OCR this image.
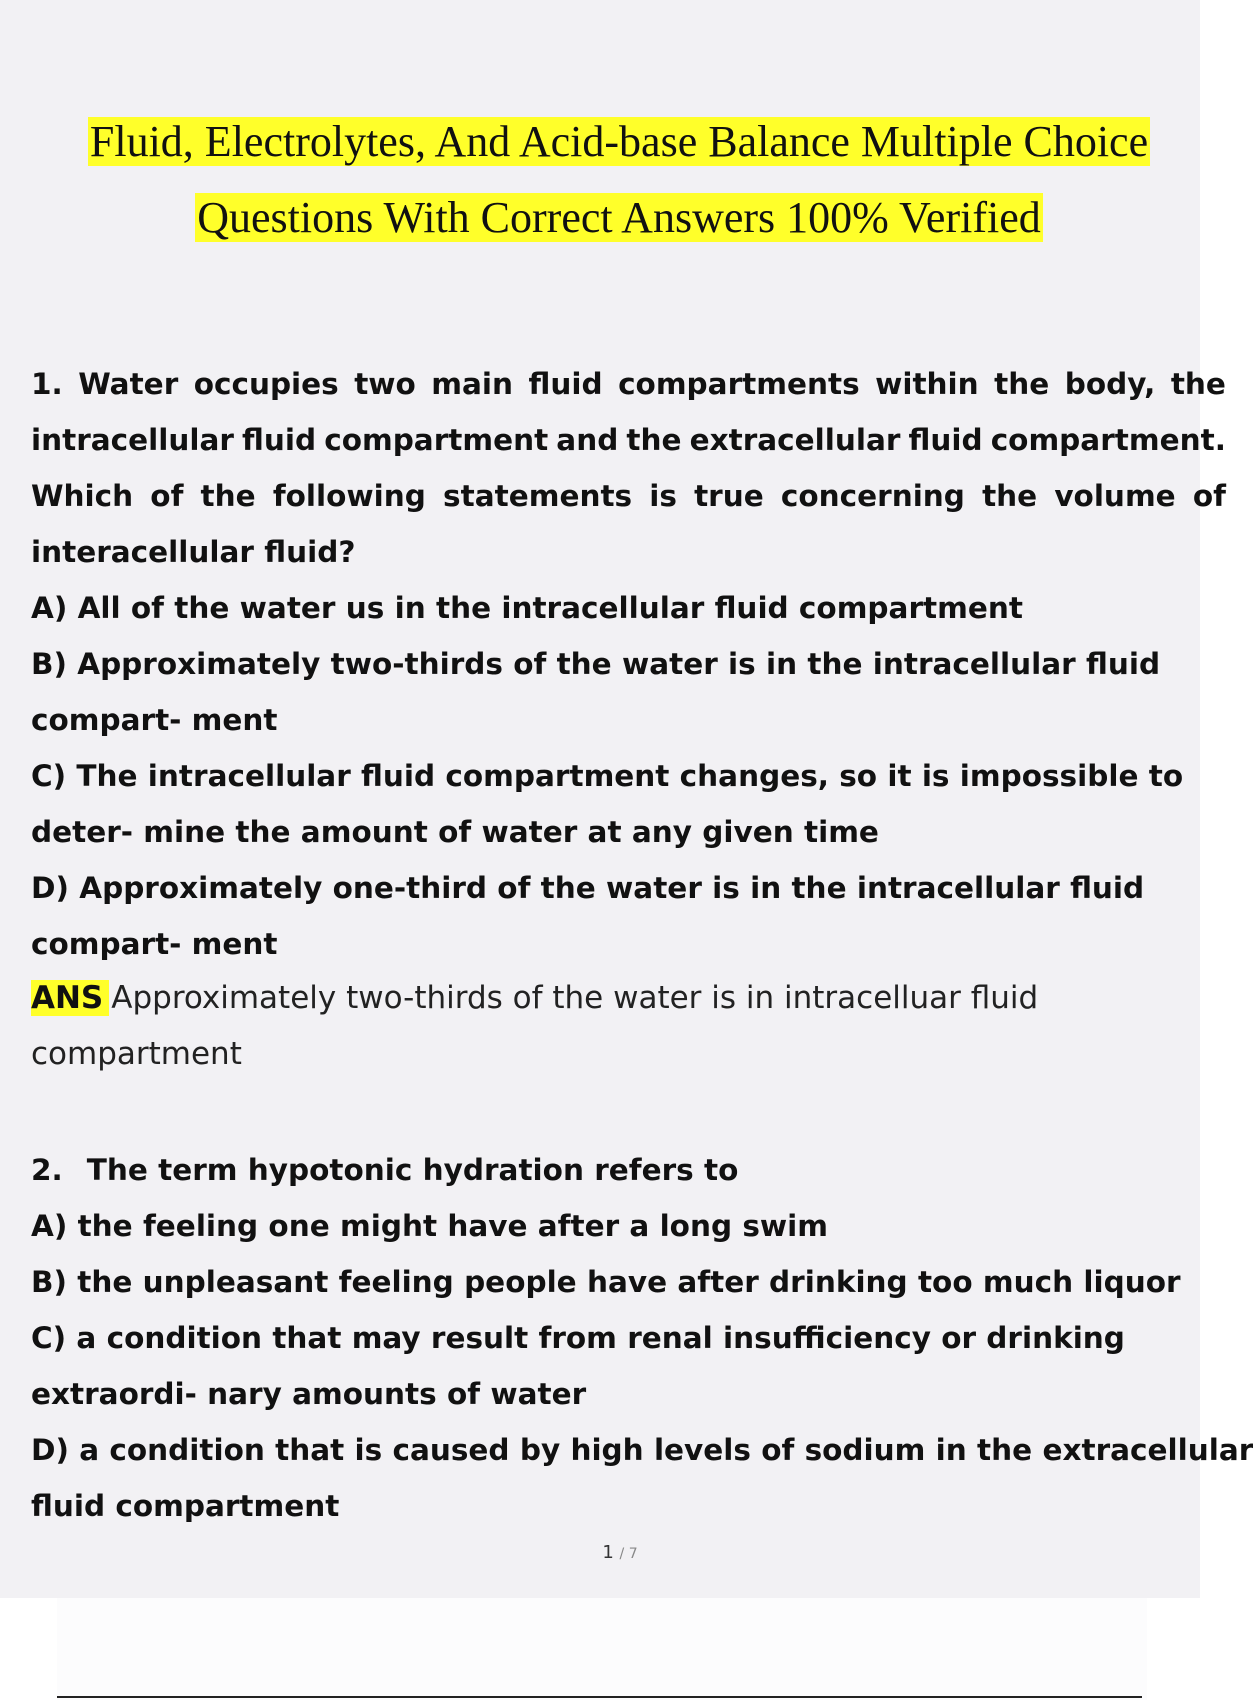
Fluid, Electrolytes, And Acid-base Balance Multiple Choice
Questions With Correct Answers 100% Verified
1. Water occupies two main fluid compartments within the body, the
intracellular fluid compartment and the extracellular fluid compartment.
Which of the following statements is true concerning the volume of
interacellular fluid?
A) All of the water us in the intracellular fluid compartment
B) Approximately two-thirds of the water is in the intracellular fluid
compart- ment
C) The intracellular fluid compartment changes, so it is impossible to
deter- mine the amount of water at any given time
D) Approximately one-third of the water is in the intracellular fluid
compart- ment
ANS Approximately two-thirds of the water is in intracelluar fluid
compartment
2. The term hypotonic hydration refers to
A) the feeling one might have after a long swim
B) the unpleasant feeling people have after drinking too much liquor
C) a condition that may result from renal insufficiency or drinking
extraordi- nary amounts of water
D) a condition that is caused by high levels of sodium in the extracellular
fluid compartment
1 / 7
